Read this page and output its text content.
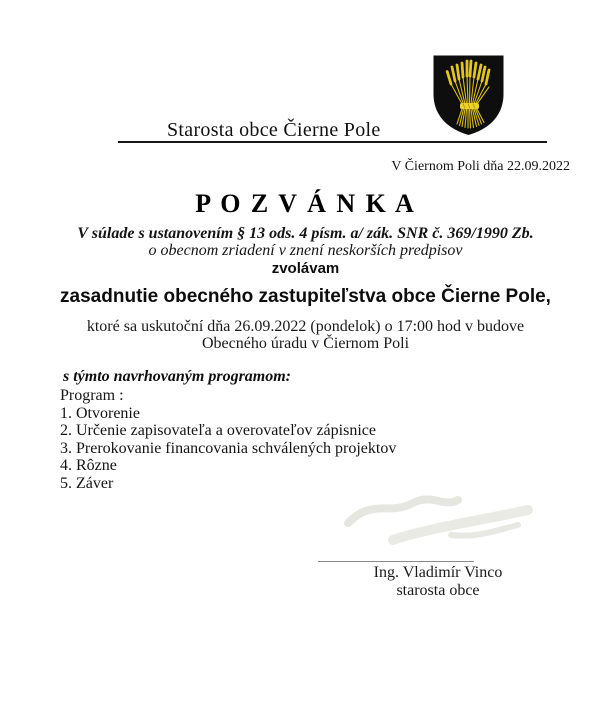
Starosta obce Čierne Pole
V Čiernom Poli dňa 22.09.2022
P O Z V Á N K A
V súlade s ustanovením § 13 ods. 4 písm. a/ zák. SNR č. 369/1990 Zb.
o obecnom zriadení v znení neskorších predpisov
zvolávam
zasadnutie obecného zastupiteľstva obce Čierne Pole,
ktoré sa uskutoční dňa 26.09.2022 (pondelok) o 17:00 hod v budove
Obecného úradu v Čiernom Poli
s týmto navrhovaným programom:
Program :
1. Otvorenie
2. Určenie zapisovateľa a overovateľov zápisnice
3. Prerokovanie financovania schválených projektov
4. Rôzne
5. Záver
Ing. Vladimír Vinco
starosta obce
